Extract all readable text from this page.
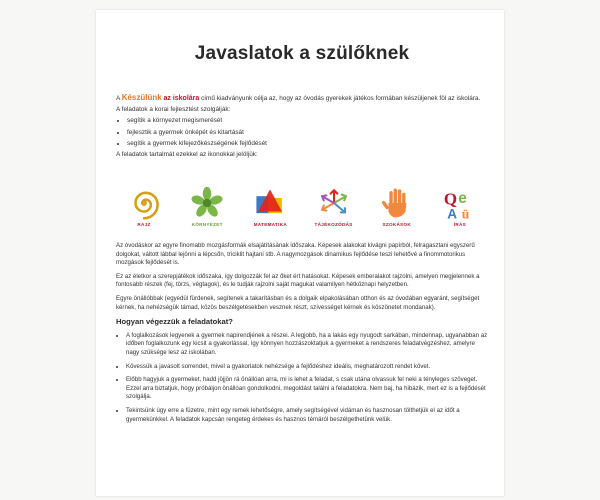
Javaslatok a szülőknek

A Készülünk az iskolára című kiadványunk célja az, hogy az óvodás gyerekek játékos formában készüljenek föl az iskolára.

A feladatok a korai fejlesztést szolgálják:

• segítik a környezet megismerését
• fejlesztik a gyermek önképét és kitartását
• segítik a gyermek kifejezőkészségének fejlődését

A feladatok tartalmát ezekkel az ikonokkal jelöljük:

RAJZ	KÖRNYEZET	MATEMATIKA	TÁJÉKOZÓDÁS	SZOKÁSOK
Q e
A ü
ÍRÁS

Az óvodáskor az egyre finomabb mozgásformák elsajátításának időszaka. Képesek alakokat kivágni papírból, felragasztani egyszerű dolgokat, váltott lábbal lejönni a lépcsőn, triciklit hajtani stb. A nagymozgások dinamikus fejlődése teszi lehetővé a finommotorikus mozgások fejlődését is.

Ez az életkor a szerepjátékok időszaka, így dolgozzák fel az őket ért hatásokat. Képesek emberalakot rajzolni, amelyen megjelennek a fontosabb részek (fej, törzs, végtagok), és le tudják rajzolni saját magukat valamilyen hétköznapi helyzetben.

Egyre önállóbbak (egyedül fürdenek, segítenek a takarításban és a dolgaik elpakolásában otthon és az óvodában egyaránt, segítséget kérnek, ha nehézségük támad, közös beszélgetésekben vesznek részt, szívességet kérnek és köszönetet mondanak).

Hogyan végezzük a feladatokat?
• A foglalkozások legyenek a gyermek napirendjének a részei. A legjobb, ha a lakás egy nyugodt sarkában, mindennap, ugyanabban az időben foglalkozunk egy kicsit a gyakorlással, így könnyen hozzászoktatjuk a gyermeket a rendszeres feladatvégzéshez, amelyre nagy szüksége lesz az iskolában.
• Kövessük a javasolt sorrendet, mivel a gyakorlatok nehézsége a fejlődéshez ideális, meghatározott rendet követ.
• Előbb hagyjuk a gyermeket, hadd jöjjön rá önállóan arra, mi is lehet a feladat, s csak utána olvassuk fel neki a tényleges szöveget. Ezzel arra biztatjuk, hogy próbáljon önállóan gondolkodni, megoldást találni a feladatokra. Nem baj, ha hibázik, mert ez is a fejlődését szolgálja.
• Tekintsünk úgy erre a füzetre, mint egy remek lehetőségre, amely segítségével vidáman és hasznosan tölthetjük el az időt a gyermekünkkel. A feladatok kapcsán rengeteg érdekes és hasznos témáról beszélgethetünk velük.
